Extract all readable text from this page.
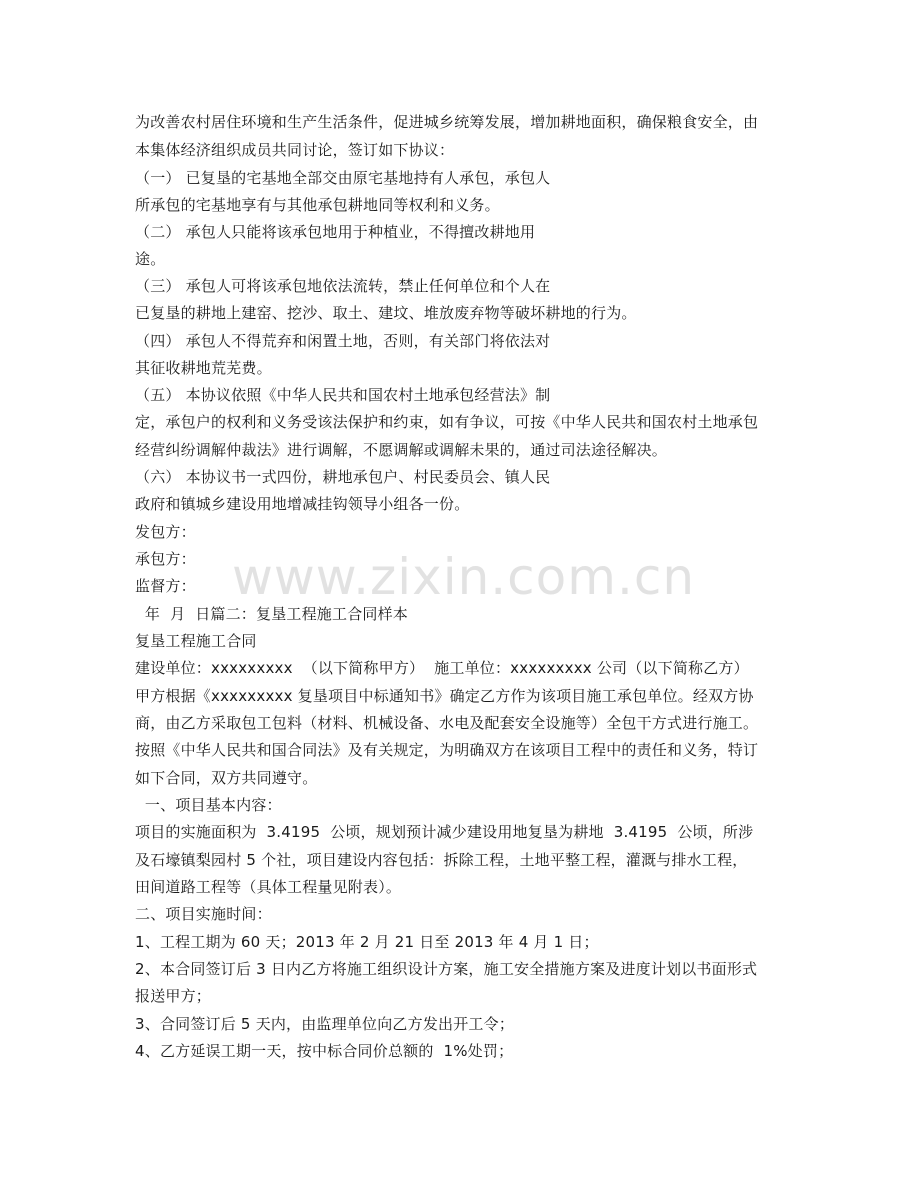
www.zixin.com.cn
为改善农村居住环境和生产生活条件，促进城乡统筹发展，增加耕地面积，确保粮食安全，由
本集体经济组织成员共同讨论，签订如下协议：
（一） 已复垦的宅基地全部交由原宅基地持有人承包，承包人
所承包的宅基地享有与其他承包耕地同等权利和义务。
（二） 承包人只能将该承包地用于种植业，不得擅改耕地用
途。
（三） 承包人可将该承包地依法流转，禁止任何单位和个人在
已复垦的耕地上建窑、挖沙、取土、建坟、堆放废弃物等破坏耕地的行为。
（四） 承包人不得荒弃和闲置土地，否则，有关部门将依法对
其征收耕地荒芜费。
（五） 本协议依照《中华人民共和国农村土地承包经营法》制
定，承包户的权利和义务受该法保护和约束，如有争议，可按《中华人民共和国农村土地承包
经营纠纷调解仲裁法》进行调解，不愿调解或调解未果的，通过司法途径解决。
（六） 本协议书一式四份，耕地承包户、村民委员会、镇人民
政府和镇城乡建设用地增减挂钩领导小组各一份。
发包方：
承包方：
监督方：
年  月  日篇二：复垦工程施工合同样本
复垦工程施工合同
建设单位：xxxxxxxxx  （以下简称甲方）  施工单位：xxxxxxxxx 公司（以下简称乙方）
甲方根据《xxxxxxxxx 复垦项目中标通知书》确定乙方作为该项目施工承包单位。经双方协
商，由乙方采取包工包料（材料、机械设备、水电及配套安全设施等）全包干方式进行施工。
按照《中华人民共和国合同法》及有关规定，为明确双方在该项目工程中的责任和义务，特订
如下合同，双方共同遵守。
一、项目基本内容：
项目的实施面积为  3.4195  公顷，规划预计减少建设用地复垦为耕地  3.4195  公顷，所涉
及石壕镇梨园村 5 个社，项目建设内容包括：拆除工程，土地平整工程，灌溉与排水工程，
田间道路工程等（具体工程量见附表）。
二、项目实施时间：
1、工程工期为 60 天；2013 年 2 月 21 日至 2013 年 4 月 1 日；
2、本合同签订后 3 日内乙方将施工组织设计方案，施工安全措施方案及进度计划以书面形式
报送甲方；
3、合同签订后 5 天内，由监理单位向乙方发出开工令；
4、乙方延误工期一天，按中标合同价总额的  1%处罚；
